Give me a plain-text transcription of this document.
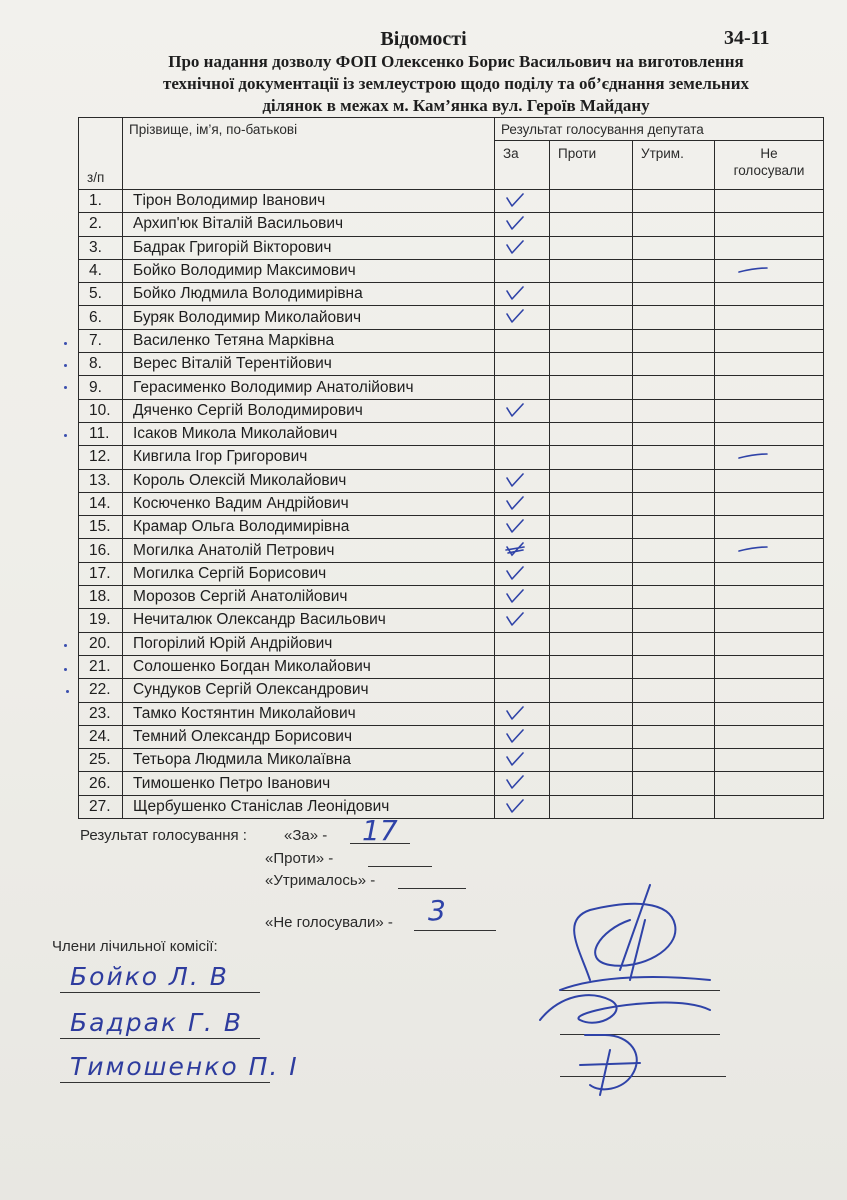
Відомості	34-11
Про надання дозволу ФОП Олексенко Борис Васильович на виготовлення
технічної документації із землеустрою щодо поділу та об’єднання земельних
ділянок в межах м. Кам’янка вул. Героїв Майдану
з/п	Прізвище, ім’я, по-батькові	Результат голосування депутата			
		За	Проти	Утрим.	Не
голосували
1.	Тірон Володимир Іванович	

2.	Архип'юк Віталій Васильович	

3.	Бадрак Григорій Вікторович	

4.	Бойко Володимир Максимович				

5.	Бойко Людмила Володимирівна	

6.	Буряк Володимир Миколайович	

7.	Василенко Тетяна Марківна				
8.	Верес Віталій Терентійович				
9.	Герасименко Володимир Анатолійович				
10.	Дяченко Сергій Володимирович	

11.	Ісаков Микола Миколайович				
12.	Кивгила Ігор Григорович				

13.	Король Олексій Миколайович	

14.	Косюченко Вадим Андрійович	

15.	Крамар Ольга Володимирівна	

16.	Могилка Анатолій Петрович	

17.	Могилка Сергій Борисович	

18.	Морозов Сергій Анатолійович	

19.	Нечиталюк Олександр Васильович	

20.	Погорілий Юрій Андрійович				
21.	Солошенко Богдан Миколайович				
22.	Сундуков Сергій Олександрович				
23.	Тамко Костянтин Миколайович	

24.	Темний Олександр Борисович	

25.	Тетьора Людмила Миколаївна	

26.	Тимошенко Петро Іванович	

27.	Щербушенко Станіслав Леонідович	

Результат голосування : «За» - 17
«Проти» -
«Утрималось» -
«Не голосували» - 3
Члени лічильної комісії:
Бойко Л. В
Бадрак Г. В
Тимошенко П. І
